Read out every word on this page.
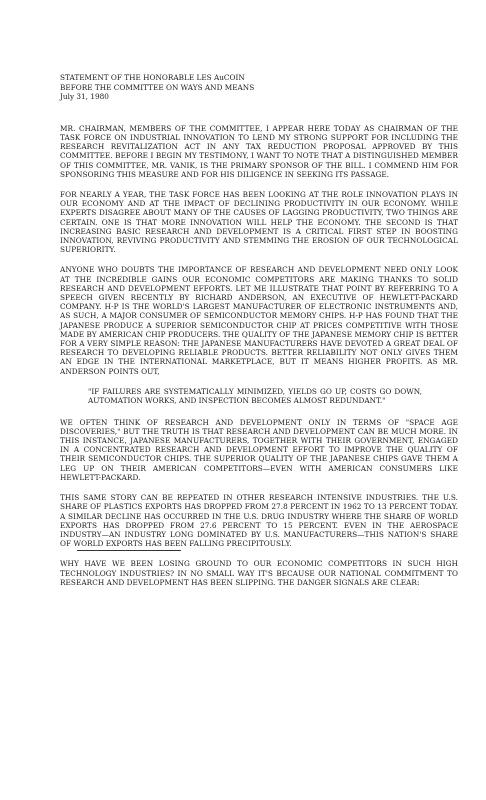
STATEMENT OF THE HONORABLE LES AuCOIN
BEFORE THE COMMITTEE ON WAYS AND MEANS
July 31, 1980

MR. CHAIRMAN, MEMBERS OF THE COMMITTEE, I APPEAR HERE TODAY AS CHAIRMAN OF THE TASK FORCE ON INDUSTRIAL INNOVATION TO LEND MY STRONG SUPPORT FOR INCLUDING THE RESEARCH REVITALIZATION ACT IN ANY TAX REDUCTION PROPOSAL APPROVED BY THIS COMMITTEE. BEFORE I BEGIN MY TESTIMONY, I WANT TO NOTE THAT A DISTINGUISHED MEMBER OF THIS COMMITTEE, MR. VANIK, IS THE PRIMARY SPONSOR OF THE BILL. I COMMEND HIM FOR SPONSORING THIS MEASURE AND FOR HIS DILIGENCE IN SEEKING ITS PASSAGE.

FOR NEARLY A YEAR, THE TASK FORCE HAS BEEN LOOKING AT THE ROLE INNOVATION PLAYS IN OUR ECONOMY AND AT THE IMPACT OF DECLINING PRODUCTIVITY IN OUR ECONOMY. WHILE EXPERTS DISAGREE ABOUT MANY OF THE CAUSES OF LAGGING PRODUCTIVITY, TWO THINGS ARE CERTAIN. ONE IS THAT MORE INNOVATION WILL HELP THE ECONOMY. THE SECOND IS THAT INCREASING BASIC RESEARCH AND DEVELOPMENT IS A CRITICAL FIRST STEP IN BOOSTING INNOVATION, REVIVING PRODUCTIVITY AND STEMMING THE EROSION OF OUR TECHNOLOGICAL SUPERIORITY.

ANYONE WHO DOUBTS THE IMPORTANCE OF RESEARCH AND DEVELOPMENT NEED ONLY LOOK AT THE INCREDIBLE GAINS OUR ECONOMIC COMPETITORS ARE MAKING THANKS TO SOLID RESEARCH AND DEVELOPMENT EFFORTS. LET ME ILLUSTRATE THAT POINT BY REFERRING TO A SPEECH GIVEN RECENTLY BY RICHARD ANDERSON, AN EXECUTIVE OF HEWLETT-PACKARD COMPANY. H-P IS THE WORLD'S LARGEST MANUFACTURER OF ELECTRONIC INSTRUMENTS AND, AS SUCH, A MAJOR CONSUMER OF SEMICONDUCTOR MEMORY CHIPS. H-P HAS FOUND THAT THE JAPANESE PRODUCE A SUPERIOR SEMICONDUCTOR CHIP AT PRICES COMPETITIVE WITH THOSE MADE BY AMERICAN CHIP PRODUCERS. THE QUALITY OF THE JAPANESE MEMORY CHIP IS BETTER FOR A VERY SIMPLE REASON: THE JAPANESE MANUFACTURERS HAVE DEVOTED A GREAT DEAL OF RESEARCH TO DEVELOPING RELIABLE PRODUCTS. BETTER RELIABILITY NOT ONLY GIVES THEM AN EDGE IN THE INTERNATIONAL MARKETPLACE, BUT IT MEANS HIGHER PROFITS. AS MR. ANDERSON POINTS OUT,

"IF FAILURES ARE SYSTEMATICALLY MINIMIZED, YIELDS GO UP, COSTS GO DOWN, AUTOMATION WORKS, AND INSPECTION BECOMES ALMOST REDUNDANT."

WE OFTEN THINK OF RESEARCH AND DEVELOPMENT ONLY IN TERMS OF "SPACE AGE DISCOVERIES," BUT THE TRUTH IS THAT RESEARCH AND DEVELOPMENT CAN BE MUCH MORE. IN THIS INSTANCE, JAPANESE MANUFACTURERS, TOGETHER WITH THEIR GOVERNMENT, ENGAGED IN A CONCENTRATED RESEARCH AND DEVELOPMENT EFFORT TO IMPROVE THE QUALITY OF THEIR SEMICONDUCTOR CHIPS. THE SUPERIOR QUALITY OF THE JAPANESE CHIPS GAVE THEM A LEG UP ON THEIR AMERICAN COMPETITORS—EVEN WITH AMERICAN CONSUMERS LIKE HEWLETT-PACKARD.

THIS SAME STORY CAN BE REPEATED IN OTHER RESEARCH INTENSIVE INDUSTRIES. THE U.S. SHARE OF PLASTICS EXPORTS HAS DROPPED FROM 27.8 PERCENT IN 1962 TO 13 PERCENT TODAY. A SIMILAR DECLINE HAS OCCURRED IN THE U.S. DRUG INDUSTRY WHERE THE SHARE OF WORLD EXPORTS HAS DROPPED FROM 27.6 PERCENT TO 15 PERCENT. EVEN IN THE AEROSPACE INDUSTRY—AN INDUSTRY LONG DOMINATED BY U.S. MANUFACTURERS—THIS NATION'S SHARE OF WORLD EXPORTS HAS BEEN FALLING PRECIPITOUSLY.

WHY HAVE WE BEEN LOSING GROUND TO OUR ECONOMIC COMPETITORS IN SUCH HIGH TECHNOLOGY INDUSTRIES? IN NO SMALL WAY IT'S BECAUSE OUR NATIONAL COMMITMENT TO RESEARCH AND DEVELOPMENT HAS BEEN SLIPPING. THE DANGER SIGNALS ARE CLEAR:
